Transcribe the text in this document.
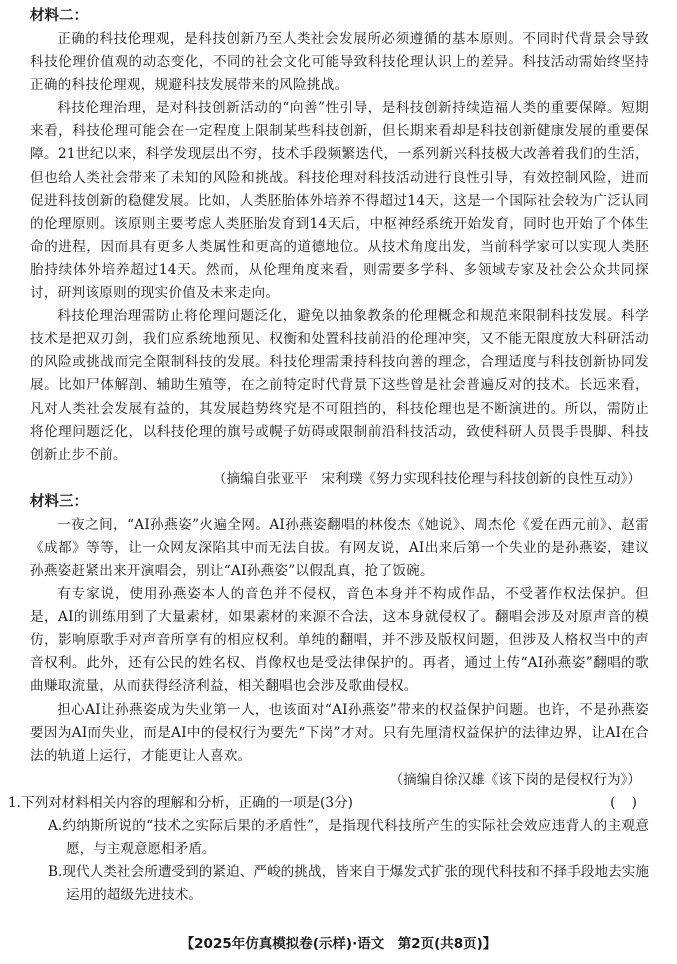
材料二：

正确的科技伦理观，是科技创新乃至人类社会发展所必须遵循的基本原则。不同时代背景会导致科技伦理价值观的动态变化，不同的社会文化可能导致科技伦理认识上的差异。科技活动需始终坚持正确的科技伦理观，规避科技发展带来的风险挑战。

科技伦理治理，是对科技创新活动的“向善”性引导，是科技创新持续造福人类的重要保障。短期来看，科技伦理可能会在一定程度上限制某些科技创新，但长期来看却是科技创新健康发展的重要保障。21世纪以来，科学发现层出不穷，技术手段频繁迭代，一系列新兴科技极大改善着我们的生活，但也给人类社会带来了未知的风险和挑战。科技伦理对科技活动进行良性引导，有效控制风险，进而促进科技创新的稳健发展。比如，人类胚胎体外培养不得超过14天，这是一个国际社会较为广泛认同的伦理原则。该原则主要考虑人类胚胎发育到14天后，中枢神经系统开始发育，同时也开始了个体生命的进程，因而具有更多人类属性和更高的道德地位。从技术角度出发，当前科学家可以实现人类胚胎持续体外培养超过14天。然而，从伦理角度来看，则需要多学科、多领域专家及社会公众共同探讨，研判该原则的现实价值及未来走向。

科技伦理治理需防止将伦理问题泛化，避免以抽象教条的伦理概念和规范来限制科技发展。科学技术是把双刃剑，我们应系统地预见、权衡和处置科技前沿的伦理冲突，又不能无限度放大科研活动的风险或挑战而完全限制科技的发展。科技伦理需秉持科技向善的理念，合理适度与科技创新协同发展。比如尸体解剖、辅助生殖等，在之前特定时代背景下这些曾是社会普遍反对的技术。长远来看，凡对人类社会发展有益的，其发展趋势终究是不可阻挡的，科技伦理也是不断演进的。所以，需防止将伦理问题泛化，以科技伦理的旗号或幌子妨碍或限制前沿科技活动，致使科研人员畏手畏脚、科技创新止步不前。

（摘编自张亚平　宋利璞《努力实现科技伦理与科技创新的良性互动》）

材料三：

一夜之间，“AI孙燕姿”火遍全网。AI孙燕姿翻唱的林俊杰《她说》、周杰伦《爱在西元前》、赵雷《成都》等等，让一众网友深陷其中而无法自拔。有网友说，AI出来后第一个失业的是孙燕姿，建议孙燕姿赶紧出来开演唱会，别让“AI孙燕姿”以假乱真，抢了饭碗。

有专家说，使用孙燕姿本人的音色并不侵权，音色本身并不构成作品，不受著作权法保护。但是，AI的训练用到了大量素材，如果素材的来源不合法，这本身就侵权了。翻唱会涉及对原声音的模仿，影响原歌手对声音所享有的相应权利。单纯的翻唱，并不涉及版权问题，但涉及人格权当中的声音权利。此外，还有公民的姓名权、肖像权也是受法律保护的。再者，通过上传“AI孙燕姿”翻唱的歌曲赚取流量，从而获得经济利益，相关翻唱也会涉及歌曲侵权。

担心AI让孙燕姿成为失业第一人，也该面对“AI孙燕姿”带来的权益保护问题。也许，不是孙燕姿要因为AI而失业，而是AI中的侵权行为要先“下岗”才对。只有先厘清权益保护的法律边界，让AI在合法的轨道上运行，才能更让人喜欢。

（摘编自徐汉雄《该下岗的是侵权行为》）

1.下列对材料相关内容的理解和分析，正确的一项是(3分)	( )

A.约纳斯所说的“技术之实际后果的矛盾性”，是指现代科技所产生的实际社会效应违背人的主观意愿，与主观意愿相矛盾。

B.现代人类社会所遭受到的紧迫、严峻的挑战，皆来自于爆发式扩张的现代科技和不择手段地去实施运用的超级先进技术。

【2025年仿真模拟卷(示样)·语文　第2页(共8页)】
